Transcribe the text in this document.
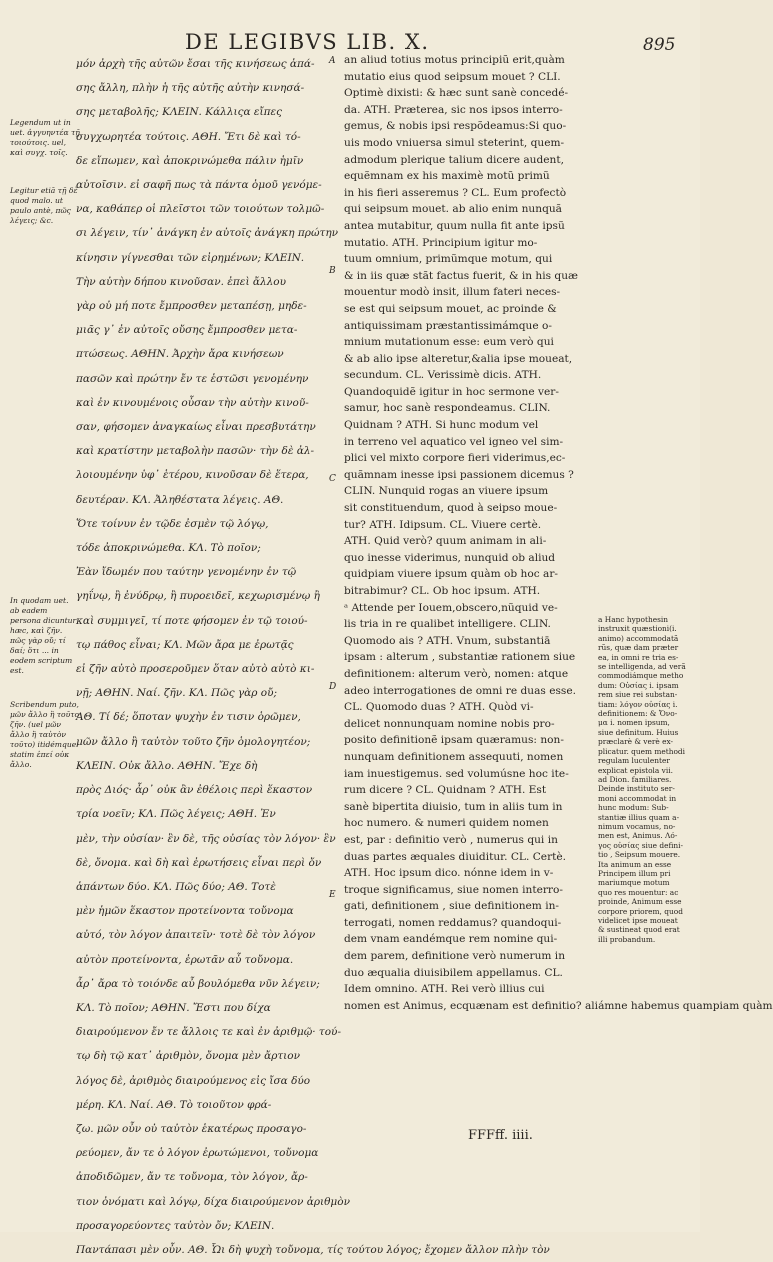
DE LEGIBVS LIB. X.	895
Legendum ut in uet. ἀγγυηντέα τῇ τοιούτοις. uel, καὶ συγχ. τοῖς.
Legitur etiā τῇ δὲ quod malo. ut paulo antè, πῶς λέγεις; &c.
In quodam uet. ab eadem persona dicuntur hæc, καὶ ζῆν. πῶς γὰρ οὔ; τί δαί; ὅτι ... in eodem scriptum est.
Scribendum puto, μῶν ἄλλο ἢ τοῦτο ζῆν. (uel μῶν ἄλλο ἢ ταὐτὸν τοῦτο) itidémque statim ἐπεί οὐκ ἄλλο.
μόν ἀρχὴ τῆς αὐτῶν ἔσαι τῆς κινήσεως ἁπά-
σης ἄλλη, πλὴν ἡ τῆς αὐτῆς αὐτὴν κινησά-
σης μεταβολῆς; ΚΛΕΙΝ. Κάλλιςα εἴπες
συγχωρητέα τούτοις. ΑΘΗ. Ἔτι δὲ καὶ τό-
δε εἴπωμεν, καὶ ἀποκρινώμεθα πάλιν ἡμῖν
αὐτοῖσιν. εἰ σαφῆ πως τὰ πάντα ὁμοῦ γενόμε-
να, καθάπερ οἱ πλεῖστοι τῶν τοιούτων τολμῶ-
σι λέγειν, τίν᾽ ἀνάγκη ἐν αὐτοῖς ἀνάγκη πρώτην
κίνησιν γίγνεσθαι τῶν εἰρημένων; ΚΛΕΙΝ.
Τὴν αὐτὴν δήπου κινοῦσαν. ἐπεὶ ἄλλου
γὰρ οὐ μή ποτε ἔμπροσθεν μεταπέσῃ, μηδε-
μιᾶς γ᾽ ἐν αὐτοῖς οὔσης ἔμπροσθεν μετα-
πτώσεως. ΑΘΗΝ. Ἀρχὴν ἄρα κινήσεων
πασῶν καὶ πρώτην ἔν τε ἑστῶσι γενομένην
καὶ ἐν κινουμένοις οὖσαν τὴν αὐτὴν κινοῦ-
σαν, φήσομεν ἀναγκαίως εἶναι πρεσβυτάτην
καὶ κρατίστην μεταβολὴν πασῶν· τὴν δὲ ἀλ-
λοιουμένην ὑφ᾽ ἑτέρου, κινοῦσαν δὲ ἕτερα,
δευτέραν. ΚΛ. Ἀληθέστατα λέγεις. ΑΘ.
Ὅτε τοίνυν ἐν τῷδε ἐσμὲν τῷ λόγῳ,
τόδε ἀποκρινώμεθα. ΚΛ. Τὸ ποῖον;
Ἐὰν ἴδωμέν που ταύτην γενομένην ἐν τῷ
γηΐνῳ, ἢ ἐνύδρῳ, ἢ πυροειδεῖ, κεχωρισμένῳ ἢ
καὶ συμμιγεῖ, τί ποτε φήσομεν ἐν τῷ τοιού-
τῳ πάθος εἶναι; ΚΛ. Μῶν ἄρα με ἐρωτᾷς
εἰ ζῆν αὐτὸ προσεροῦμεν ὅταν αὐτὸ αὑτὸ κι-
νῇ; ΑΘΗΝ. Ναί. ζῆν. ΚΛ. Πῶς γὰρ οὔ;
ΑΘ. Τί δέ; ὅποταν ψυχὴν ἐν τισιν ὁρῶμεν,
μῶν ἄλλο ἢ ταὐτὸν τοῦτο ζῆν ὁμολογητέον;
ΚΛΕΙΝ. Οὐκ ἄλλο. ΑΘΗΝ. Ἔχε δὴ
πρὸς Διός· ἆρ᾽ οὐκ ἂν ἐθέλοις περὶ ἕκαστον
τρία νοεῖν; ΚΛ. Πῶς λέγεις; ΑΘΗ. Ἐν
μὲν, τὴν οὐσίαν· ἓν δὲ, τῆς οὐσίας τὸν λόγον· ἓν
δὲ, ὄνομα. καὶ δὴ καὶ ἐρωτήσεις εἶναι περὶ ὄν
ἁπάντων δύο. ΚΛ. Πῶς δύο; ΑΘ. Τοτὲ
μὲν ἡμῶν ἕκαστον προτείνοντα τοὔνομα
αὐτό, τὸν λόγον ἀπαιτεῖν· τοτὲ δὲ τὸν λόγον
αὐτὸν προτείνοντα, ἐρωτᾶν αὖ τοὔνομα.
ἆρ᾽ ἄρα τὸ τοιόνδε αὖ βουλόμεθα νῦν λέγειν;
ΚΛ. Τὸ ποῖον; ΑΘΗΝ. Ἔστι που δίχα
διαιρούμενον ἔν τε ἄλλοις τε καὶ ἐν ἀριθμῷ· τού-
τῳ δὴ τῷ κατ᾽ ἀριθμὸν, ὄνομα μὲν ἄρτιον
λόγος δὲ, ἀριθμὸς διαιρούμενος εἰς ἴσα δύο
μέρη. ΚΛ. Ναί. ΑΘ. Τὸ τοιοῦτον φρά-
ζω. μῶν οὖν οὐ ταὐτὸν ἑκατέρως προσαγο-
ρεύομεν, ἄν τε ὁ λόγον ἐρωτώμενοι, τοὔνομα
ἀποδιδῶμεν, ἄν τε τοὔνομα, τὸν λόγον, ἄρ-
τιον ὀνόματι καὶ λόγῳ, δίχα διαιρούμενον ἀριθμὸν
προσαγορεύοντες ταὐτὸν ὄν; ΚΛΕΙΝ.
Παντάπασι μὲν οὖν. ΑΘ. Ὧι δὴ ψυχὴ τοὔνομα, τίς τούτου λόγος; ἔχομεν ἄλλον πλὴν τὸν
A
B
C
D
E
an aliud totius motus principiũ erit,quàm
mutatio eius quod seipsum mouet ? CLI.
Optimè dixisti: & hæc sunt sanè concedé-
da. ATH. Præterea, sic nos ipsos interro-
gemus, & nobis ipsi respõdeamus:Si quo-
uis modo vniuersa simul steterint, quem-
admodum plerique talium dicere audent,
equẽmnam ex his maximè motũ primũ
in his fieri asseremus ? CL. Eum profectò
qui seipsum mouet. ab alio enim nunquã
antea mutabitur, quum nulla fit ante ipsũ
mutatio. ATH. Principium igitur mo-
tuum omnium, primũmque motum, qui
& in iis quæ stãt factus fuerit, & in his quæ
mouentur modò insit, illum fateri neces-
se est qui seipsum mouet, ac proinde &
antiquissimam præstantissimámque o-
mnium mutationum esse: eum verò qui
& ab alio ipse alteretur,&alia ipse moueat,
secundum. CL. Verissimè dicis. ATH.
Quandoquidẽ igitur in hoc sermone ver-
samur, hoc sanè respondeamus. CLIN.
Quidnam ? ATH. Si hunc modum vel
in terreno vel aquatico vel igneo vel sim-
plici vel mixto corpore fieri viderimus,ec-
quãmnam inesse ipsi passionem dicemus ?
CLIN. Nunquid rogas an viuere ipsum
sit constituendum, quod à seipso moue-
tur? ATH. Idipsum. CL. Viuere certè.
ATH. Quid verò? quum animam in ali-
quo inesse viderimus, nunquid ob aliud
quidpiam viuere ipsum quàm ob hoc ar-
bitrabimur? CL. Ob hoc ipsum. ATH.
ᵃ Attende per Iouem,obscero,nũquid ve-
lis tria in re qualibet intelligere. CLIN.
Quomodo ais ? ATH. Vnum, substantiā
ipsam : alterum , substantiæ rationem siue
definitionem: alterum verò, nomen: atque
adeo interrogationes de omni re duas esse.
CL. Quomodo duas ? ATH. Quòd vi-
delicet nonnunquam nomine nobis pro-
posito definitionẽ ipsam quæramus: non-
nunquam definitionem assequuti, nomen
iam inuestigemus. sed volumúsne hoc ite-
rum dicere ? CL. Quidnam ? ATH. Est
sanè bipertita diuisio, tum in aliis tum in
hoc numero. & numeri quidem nomen
est, par : definitio verò , numerus qui in
duas partes æquales diuiditur. CL. Certè.
ATH. Hoc ipsum dico. nónne idem in v-
troque significamus, siue nomen interro-
gati, definitionem , siue definitionem in-
terrogati, nomen reddamus? quandoqui-
dem vnam eandémque rem nomine qui-
dem parem, definitione verò numerum in
duo æqualia diuisibilem appellamus. CL.
Idem omnino. ATH. Rei verò illius cui
nomen est Animus, ecquænam est definitio? aliámne habemus quampiam quàm
a Hanc hypothesin
instruxit quæstioni(i.
animo) accommodatã
rũs, quæ dam præter
ea, in omni re tria es-
se intelligenda, ad verã
commodiámque metho
dum: Οὐσίας i. ipsam
rem siue rei substan-
tiam: λόγον οὐσίας i.
definitionem: & Ὄνο-
μα i. nomen ipsum,
siue definitum. Huius
præclarè & verè ex-
plicatur. quem methodi
regulam luculenter
explicat epistola vii.
ad Dion. familiares.
Deinde instituto ser-
moni accommodat in
hunc modum: Sub-
stantiæ illius quam a-
nimum vocamus, no-
men est, Animus. Λό-
γος οὐσίας siue defini-
tio , Seipsum mouere.
Ita animum an esse
Principem illum pri
mariumque motum
quo res mouentur: ac
proinde, Animum esse
corpore priorem, quod
videlicet ipse moueat
& sustineat quod erat
illi probandum.
FFFff. iiii.
